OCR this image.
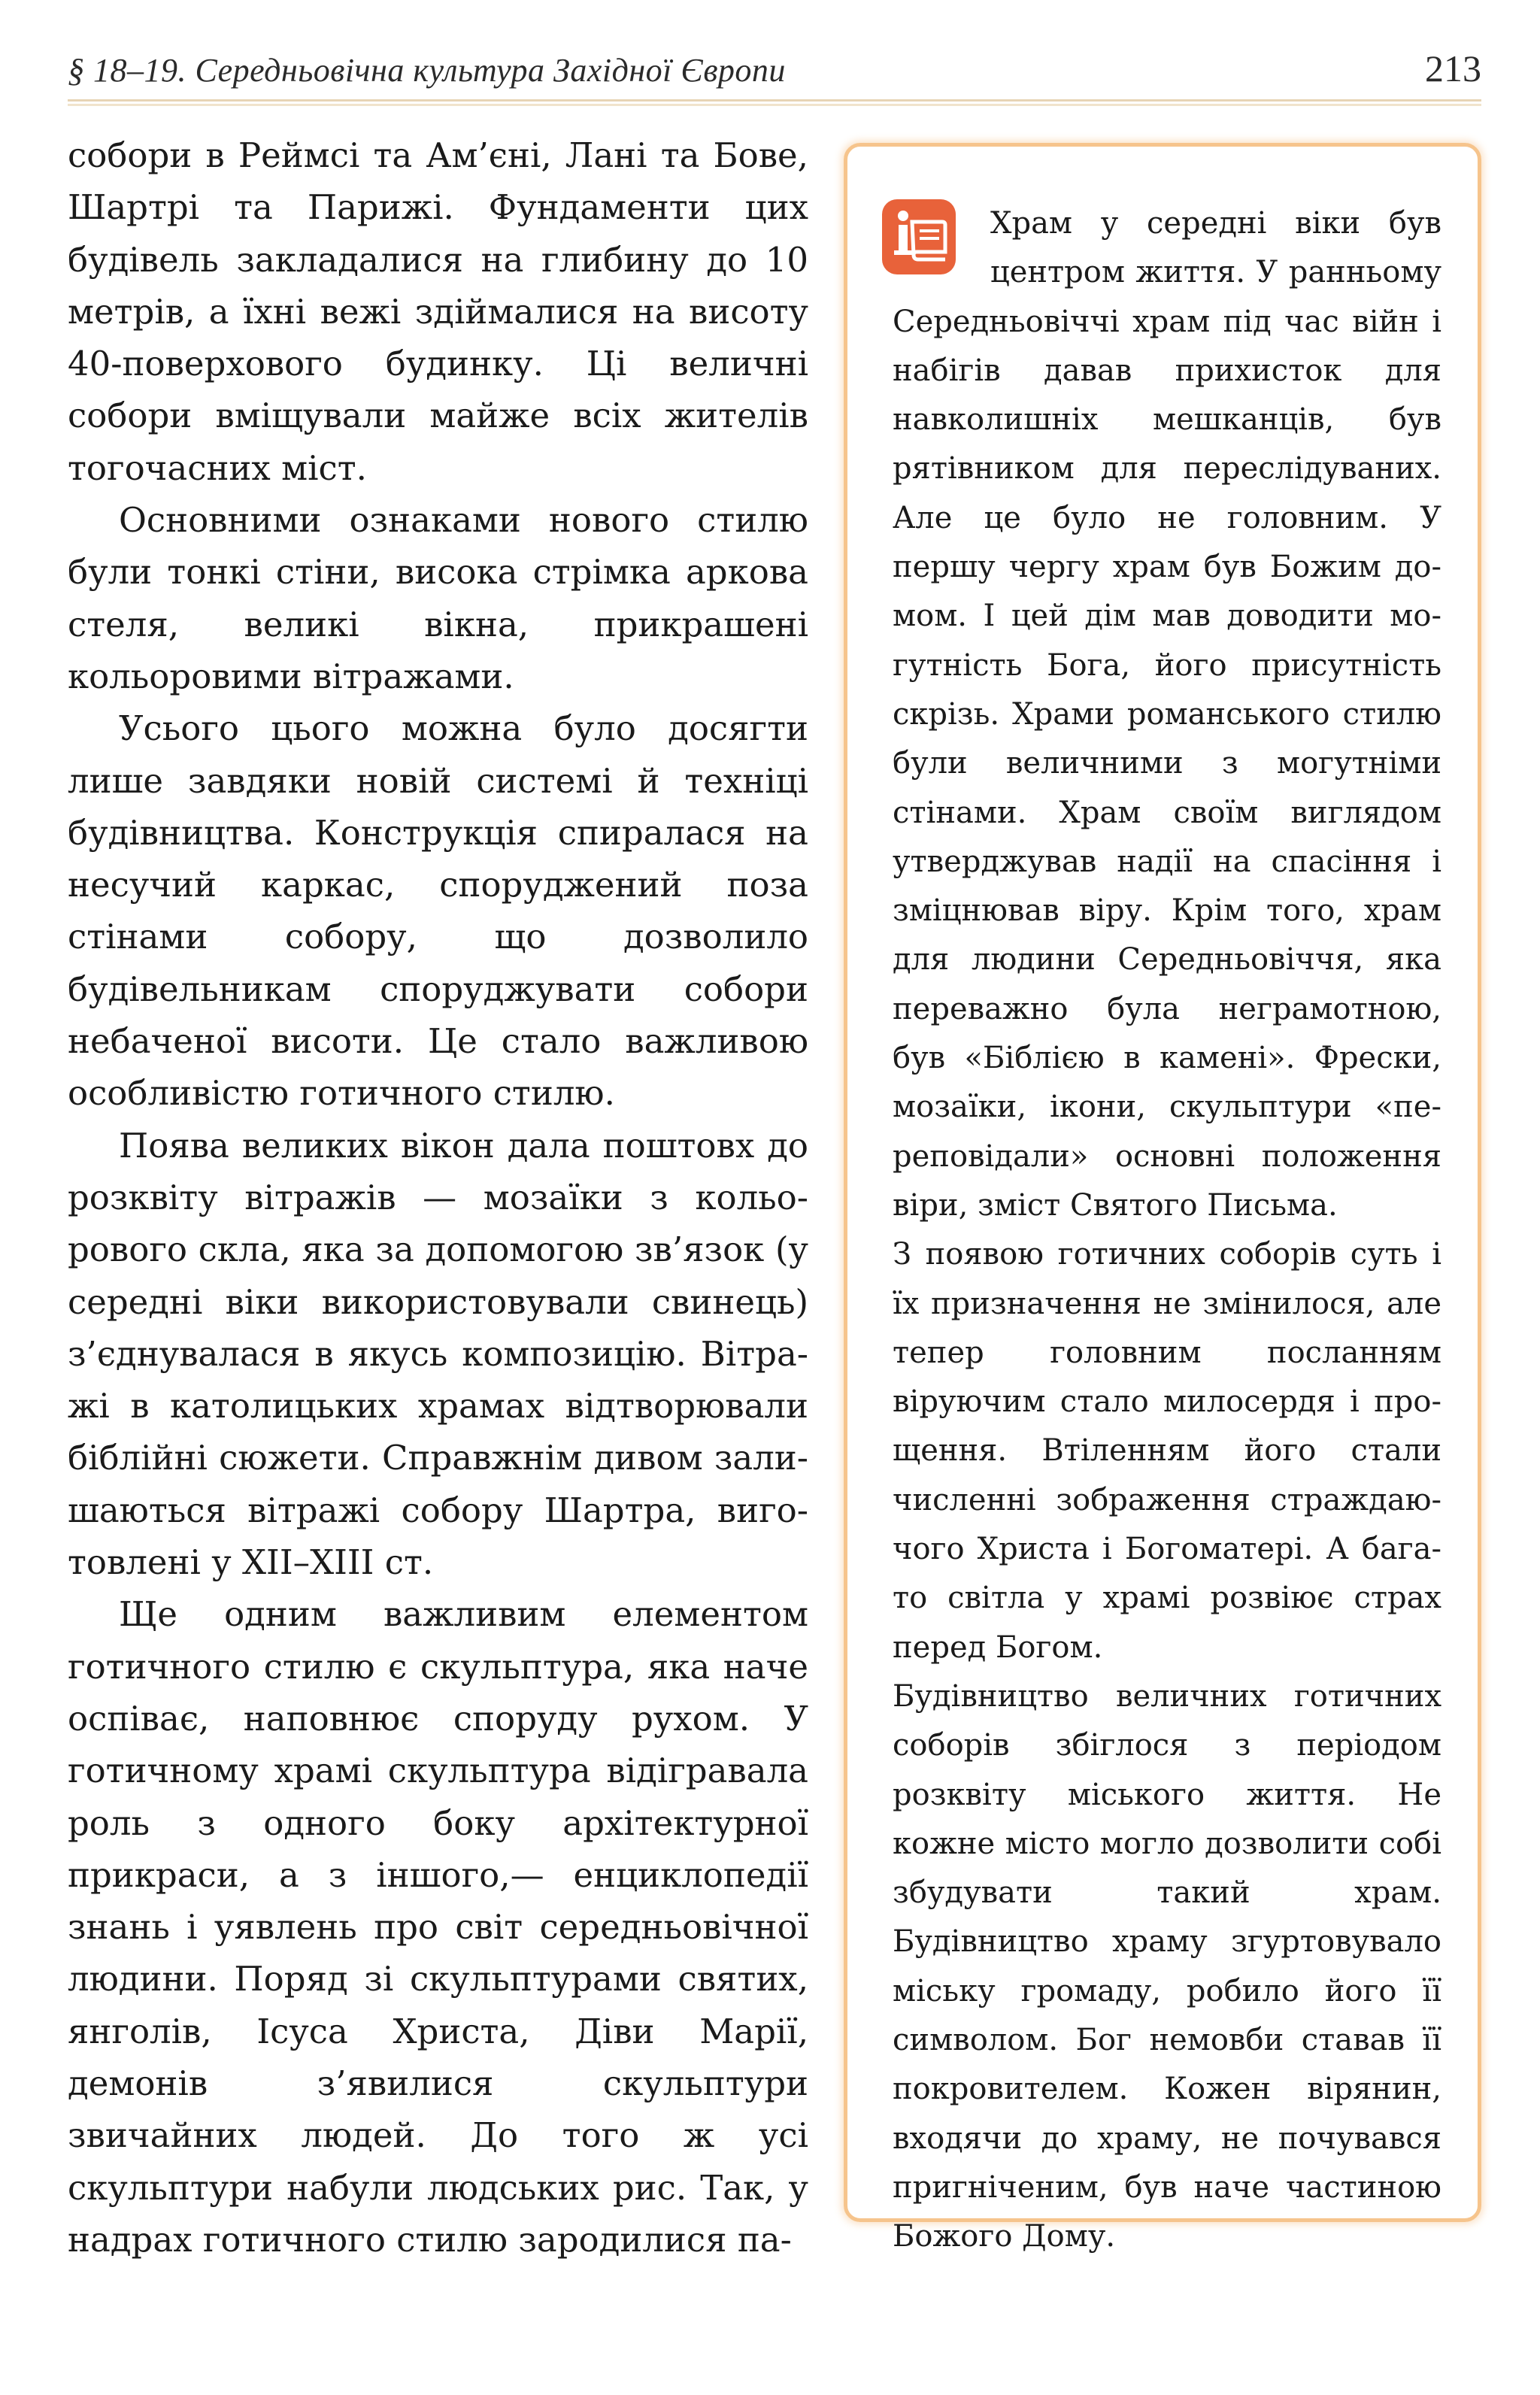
§ 18–19. Середньовічна культура Західної Європи	213

собори в Реймсі та Ам’єні, Лані та Бове, Шартрі та Парижі. Фундаменти цих будівель закладалися на глибину до 10 метрів, а їхні вежі здіймалися на висоту 40-поверхового будинку. Ці величні собори вміщували майже всіх жителів тогочасних міст.

Основними ознаками нового стилю були тонкі стіни, висока стрімка аркова стеля, великі вікна, прикрашені кольоровими вітражами.

Усього цього можна було досягти лише завдяки новій системі й техніці будівництва. Конструкція спиралася на несучий каркас, споруджений поза стінами собору, що дозволило будівельникам споруджувати собори небаченої висоти. Це стало важливою особливістю готичного стилю.

Поява великих вікон дала поштовх до розквіту вітражів — мозаїки з кольорового скла, яка за допомогою зв’язок (у середні віки використовували свинець) з’єднувалася в якусь композицію. Вітражі в католицьких храмах відтворювали біблійні сюжети. Справжнім дивом залишаються вітражі собору Шартра, виготовлені у XII–XIII ст.

Ще одним важливим елементом готичного стилю є скульптура, яка наче оспіває, наповнює споруду рухом. У готичному храмі скульптура відігравала роль з одного боку архітектурної прикраси, а з іншого,— енциклопедії знань і уявлень про світ середньовічної людини. Поряд зі скульптурами святих, янголів, Ісуса Христа, Діви Марії, демонів з’явилися скульптури звичайних людей. До того ж усі скульптури набули людських рис. Так, у надрах готичного стилю зародилися па-

Храм у середні віки був центром життя. У ранньому Середньовіччі храм під час війн і набігів давав прихисток для навколишніх мешканців, був рятівником для переслідуваних. Але це було не головним. У першу чергу храм був Божим домом. І цей дім мав доводити могутність Бога, його присутність скрізь. Храми романського стилю були величними з могутніми стінами. Храм своїм виглядом утверджував надії на спасіння і зміцнював віру. Крім того, храм для людини Середньовіччя, яка переважно була неграмотною, був «Біблією в камені». Фрески, мозаїки, ікони, скульптури «переповідали» основні положення віри, зміст Святого Письма.

З появою готичних соборів суть і їх призначення не змінилося, але тепер головним посланням віруючим стало милосердя і прощення. Втіленням його стали численні зображення страждаючого Христа і Богоматері. А багато світла у храмі розвіює страх перед Богом.

Будівництво величних готичних соборів збіглося з періодом розквіту міського життя. Не кожне місто могло дозволити собі збудувати такий храм. Будівництво храму згуртовувало міську громаду, робило його її символом. Бог немовби ставав її покровителем. Кожен вірянин, входячи до храму, не почувався пригніченим, був наче частиною Божого Дому.
